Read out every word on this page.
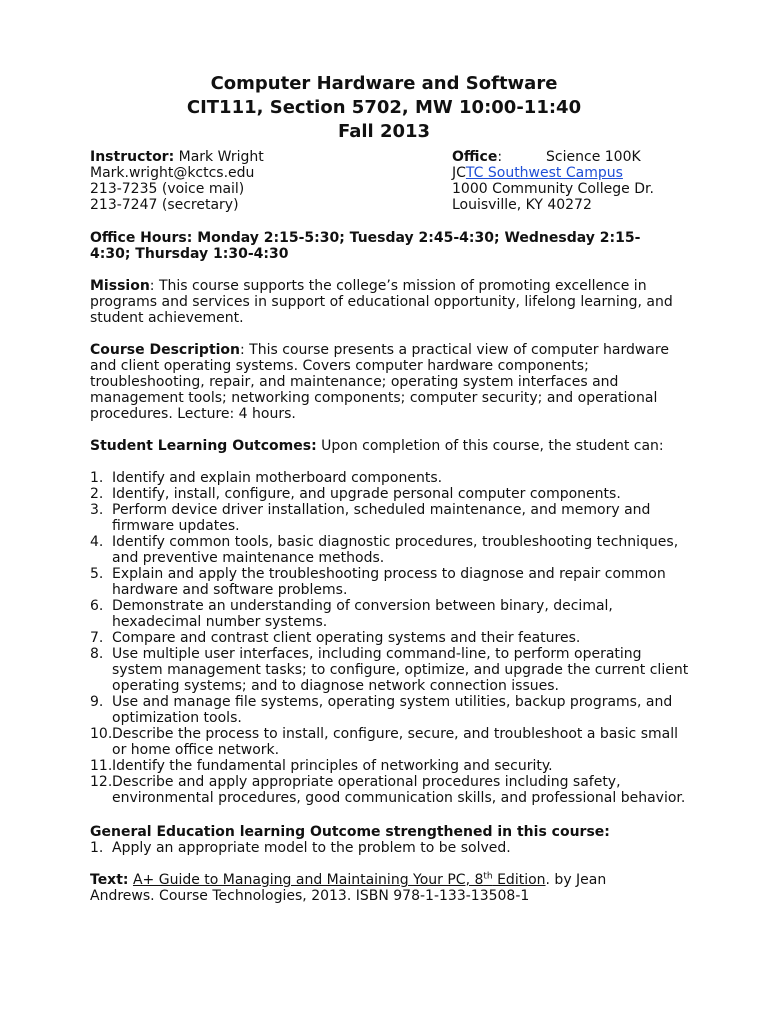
Computer Hardware and Software
CIT111, Section 5702, MW 10:00-11:40
Fall 2013
Instructor: Mark Wright
Mark.wright@kctcs.edu
213-7235 (voice mail)
213-7247 (secretary)
Office:	Science 100K
JCTC Southwest Campus
1000 Community College Dr.
Louisville, KY 40272
Office Hours: Monday 2:15-5:30; Tuesday 2:45-4:30; Wednesday 2:15-
4:30; Thursday 1:30-4:30
Mission: This course supports the college’s mission of promoting excellence in programs and services in support of educational opportunity, lifelong learning, and student achievement.
Course Description: This course presents a practical view of computer hardware and client operating systems. Covers computer hardware components; troubleshooting, repair, and maintenance; operating system interfaces and management tools; networking components; computer security; and operational procedures. Lecture: 4 hours.
Student Learning Outcomes: Upon completion of this course, the student can:
1. Identify and explain motherboard components.
2. Identify, install, configure, and upgrade personal computer components.
3. Perform device driver installation, scheduled maintenance, and memory and firmware updates.
4. Identify common tools, basic diagnostic procedures, troubleshooting techniques, and preventive maintenance methods.
5. Explain and apply the troubleshooting process to diagnose and repair common hardware and software problems.
6. Demonstrate an understanding of conversion between binary, decimal, hexadecimal number systems.
7. Compare and contrast client operating systems and their features.
8. Use multiple user interfaces, including command-line, to perform operating system management tasks; to configure, optimize, and upgrade the current client operating systems; and to diagnose network connection issues.
9. Use and manage file systems, operating system utilities, backup programs, and optimization tools.
10. Describe the process to install, configure, secure, and troubleshoot a basic small or home office network.
11. Identify the fundamental principles of networking and security.
12. Describe and apply appropriate operational procedures including safety, environmental procedures, good communication skills, and professional behavior.
General Education learning Outcome strengthened in this course:
1. Apply an appropriate model to the problem to be solved.
Text: A+ Guide to Managing and Maintaining Your PC, 8th Edition. by Jean
Andrews. Course Technologies, 2013. ISBN 978-1-133-13508-1
